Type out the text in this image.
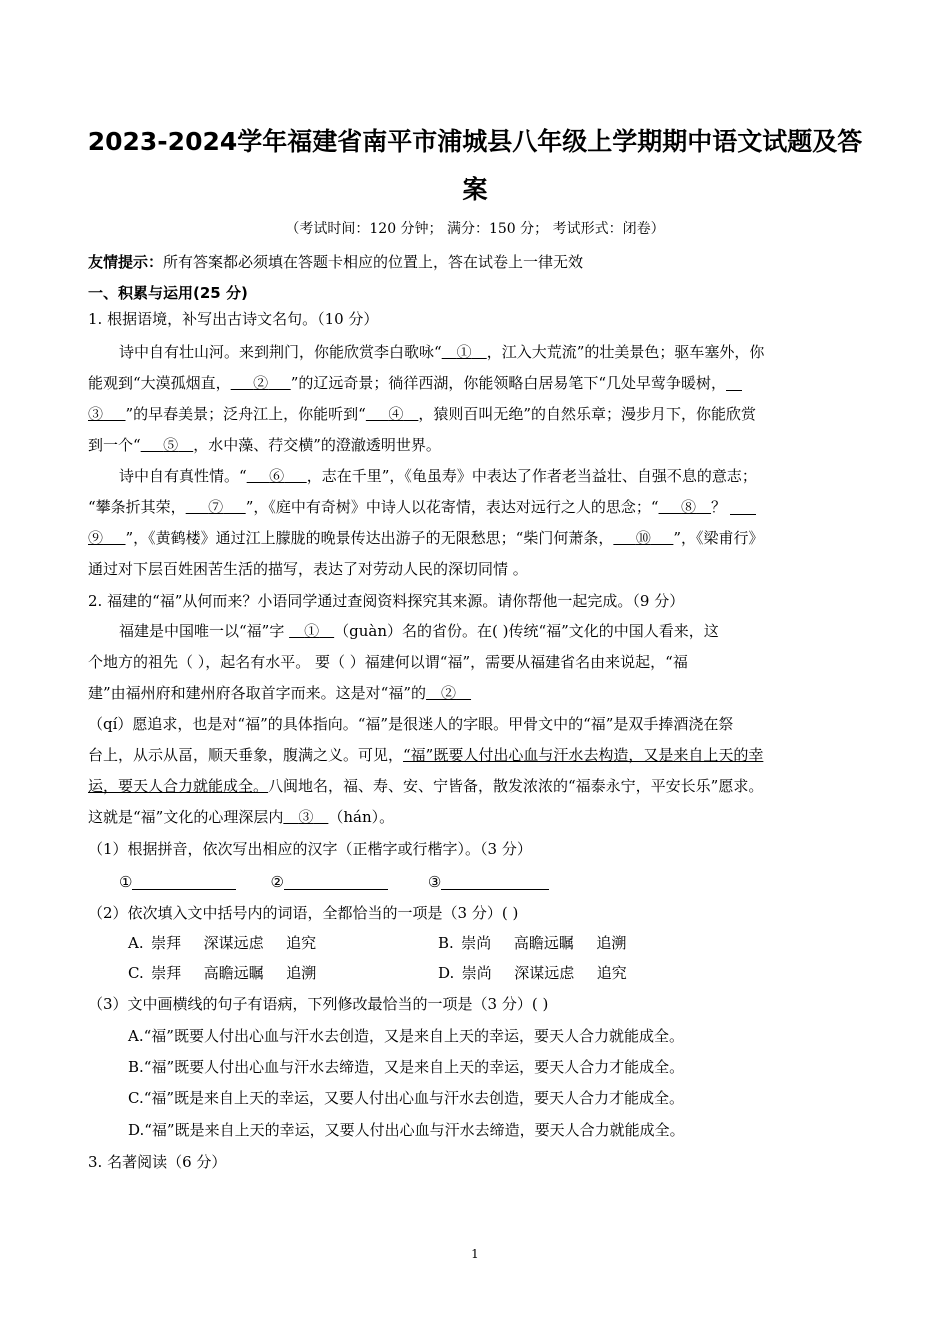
2023-2024学年福建省南平市浦城县八年级上学期期中语文试题及答
案
（考试时间：120 分钟； 满分：150 分； 考试形式：闭卷）
友情提示：所有答案都必须填在答题卡相应的位置上，答在试卷上一律无效
一、积累与运用(25 分)
1. 根据语境，补写出古诗文名句。（10 分）
诗中自有壮山河。来到荆门，你能欣赏李白歌咏“  ①  ，江入大荒流”的壮美景色；驱车塞外，你
能观到“大漠孤烟直，   ②   ”的辽远奇景；徜徉西湖，你能领略白居易笔下“几处早莺争暖树，
③   ”的早春美景；泛舟江上，你能听到“   ④  ，猿则百叫无绝”的自然乐章；漫步月下，你能欣赏
到一个“   ⑤  ，水中藻、荇交横”的澄澈透明世界。
诗中自有真性情。“   ⑥   ，志在千里”，《龟虽寿》中表达了作者老当益壮、自强不息的意志；
“攀条折其荣，   ⑦   ”，《庭中有奇树》中诗人以花寄情，表达对远行之人的思念；“   ⑧  ？
⑨   ”，《黄鹤楼》通过江上朦胧的晚景传达出游子的无限愁思；“柴门何萧条，   ⑩   ”，《梁甫行》
通过对下层百姓困苦生活的描写，表达了对劳动人民的深切同情 。
2. 福建的“福”从何而来？小语同学通过查阅资料探究其来源。请你帮他一起完成。（9 分）
福建是中国唯一以“福”字   ①  （guàn）名的省份。在( )传统“福”文化的中国人看来，这
个地方的祖先（ ），起名有水平。 要（ ）福建何以谓“福”，需要从福建省名由来说起，“福
建”由福州府和建州府各取首字而来。这是对“福”的   ② 
（qí）愿追求，也是对“福”的具体指向。“福”是很迷人的字眼。甲骨文中的“福”是双手捧酒浇在祭
台上，从示从畐，顺天垂象，腹满之义。可见，“福”既要人付出心血与汗水去构造，又是来自上天的幸
运，要天人合力就能成全。八闽地名，福、寿、安、宁皆备，散发浓浓的“福泰永宁，平安长乐”愿求。
这就是“福”文化的心理深层内   ③  （hán）。
（1）根据拼音，依次写出相应的汉字（正楷字或行楷字）。（3 分）
①	②	③
（2）依次填入文中括号内的词语，全都恰当的一项是（3 分）( )
A.  崇拜   深谋远虑   追究	B.  崇尚   高瞻远瞩   追溯
C.  崇拜   高瞻远瞩   追溯	D.  崇尚   深谋远虑   追究
（3）文中画横线的句子有语病，下列修改最恰当的一项是（3 分）( )
A.“福”既要人付出心血与汗水去创造，又是来自上天的幸运，要天人合力就能成全。
B.“福”既要人付出心血与汗水去缔造，又是来自上天的幸运，要天人合力才能成全。
C.“福”既是来自上天的幸运，又要人付出心血与汗水去创造，要天人合力才能成全。
D.“福”既是来自上天的幸运，又要人付出心血与汗水去缔造，要天人合力就能成全。
3. 名著阅读（6 分）
1
